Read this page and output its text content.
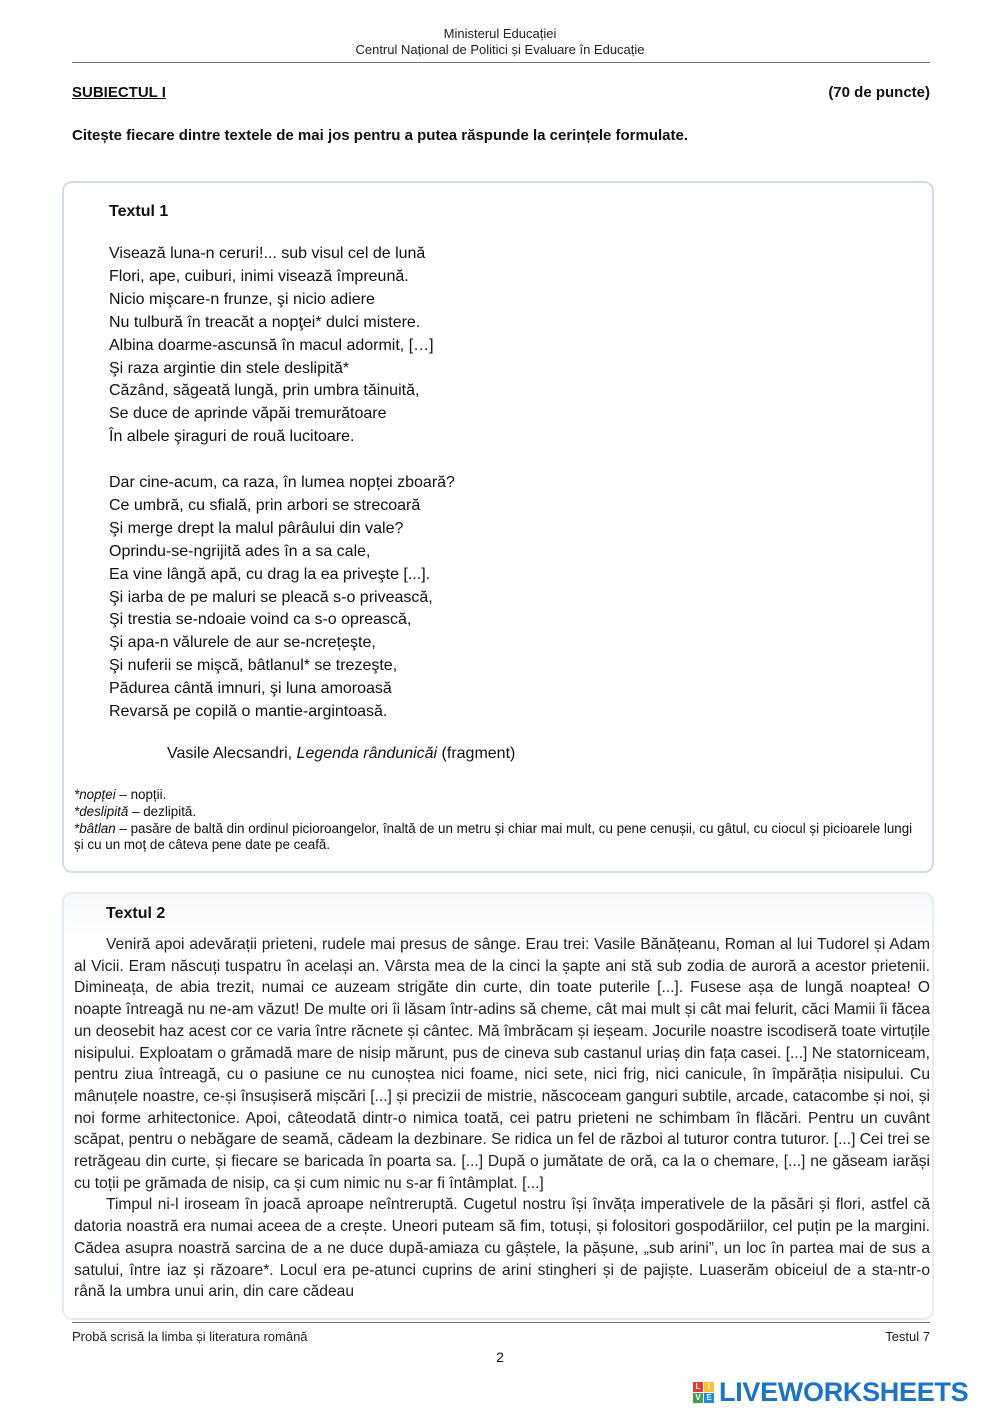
Ministerul Educației
Centrul Național de Politici și Evaluare în Educație
SUBIECTUL I	(70 de puncte)
Citește fiecare dintre textele de mai jos pentru a putea răspunde la cerințele formulate.
Textul 1
Visează luna-n ceruri!... sub visul cel de lună
Flori, ape, cuiburi, inimi visează împreună.
Nicio mişcare-n frunze, şi nicio adiere
Nu tulbură în treacăt a nopţei* dulci mistere.
Albina doarme-ascunsă în macul adormit, […]
Şi raza argintie din stele deslipită*
Căzând, săgeată lungă, prin umbra tăinuită,
Se duce de aprinde văpăi tremurătoare
În albele şiraguri de rouă lucitoare.
Dar cine-acum, ca raza, în lumea nopței zboară?
Ce umbră, cu sfială, prin arbori se strecoară
Şi merge drept la malul pârâului din vale?
Oprindu-se-ngrijită ades în a sa cale,
Ea vine lângă apă, cu drag la ea priveşte [...].
Şi iarba de pe maluri se pleacă s-o privească,
Şi trestia se-ndoaie voind ca s-o oprească,
Şi apa-n vălurele de aur se-ncrețeşte,
Şi nuferii se mişcă, bâtlanul* se trezeşte,
Pădurea cântă imnuri, şi luna amoroasă
Revarsă pe copilă o mantie-argintoasă.
Vasile Alecsandri, Legenda rândunicăi (fragment)
*nopței – nopții.
*deslipită – dezlipită.
*bâtlan – pasăre de baltă din ordinul picioroangelor, înaltă de un metru și chiar mai mult, cu pene cenușii, cu gâtul, cu ciocul și picioarele lungi și cu un moț de câteva pene date pe ceafă.
Textul 2

Veniră apoi adevărații prieteni, rudele mai presus de sânge. Erau trei: Vasile Bănățeanu, Roman al lui Tudorel și Adam al Vicii. Eram născuți tuspatru în același an. Vârsta mea de la cinci la șapte ani stă sub zodia de auroră a acestor prietenii. Dimineața, de abia trezit, numai ce auzeam strigăte din curte, din toate puterile [...]. Fusese așa de lungă noaptea! O noapte întreagă nu ne-am văzut! De multe ori îi lăsam într-adins să cheme, cât mai mult și cât mai felurit, căci Mamii îi făcea un deosebit haz acest cor ce varia între răcnete și cântec. Mă îmbrăcam și ieșeam. Jocurile noastre iscodiseră toate virtuțile nisipului. Exploatam o grămadă mare de nisip mărunt, pus de cineva sub castanul uriaș din fața casei. [...] Ne statorniceam, pentru ziua întreagă, cu o pasiune ce nu cunoștea nici foame, nici sete, nici frig, nici canicule, în împărăția nisipului. Cu mânuțele noastre, ce-și însușiseră mișcări [...] și precizii de mistrie, născoceam ganguri subtile, arcade, catacombe și noi, și noi forme arhitectonice. Apoi, câteodată dintr-o nimica toată, cei patru prieteni ne schimbam în flăcări. Pentru un cuvânt scăpat, pentru o nebăgare de seamă, cădeam la dezbinare. Se ridica un fel de război al tuturor contra tuturor. [...] Cei trei se retrăgeau din curte, și fiecare se baricada în poarta sa. [...] După o jumătate de oră, ca la o chemare, [...] ne găseam iarăși cu toții pe grămada de nisip, ca și cum nimic nu s-ar fi întâmplat. [...]

Timpul ni-l iroseam în joacă aproape neîntreruptă. Cugetul nostru își învăța imperativele de la păsări și flori, astfel că datoria noastră era numai aceea de a crește. Uneori puteam să fim, totuși, și folositori gospodăriilor, cel puțin pe la margini. Cădea asupra noastră sarcina de a ne duce după-amiaza cu gâștele, la pășune, „sub arini”, un loc în partea mai de sus a satului, între iaz și răzoare*. Locul era pe-atunci cuprins de arini stingheri și de pajiște. Luaserăm obiceiul de a sta-ntr-o rână la umbra unui arin, din care cădeau

Probă scrisă la limba și literatura română	Testul 7
2
L I
V E LIVEWORKSHEETS
